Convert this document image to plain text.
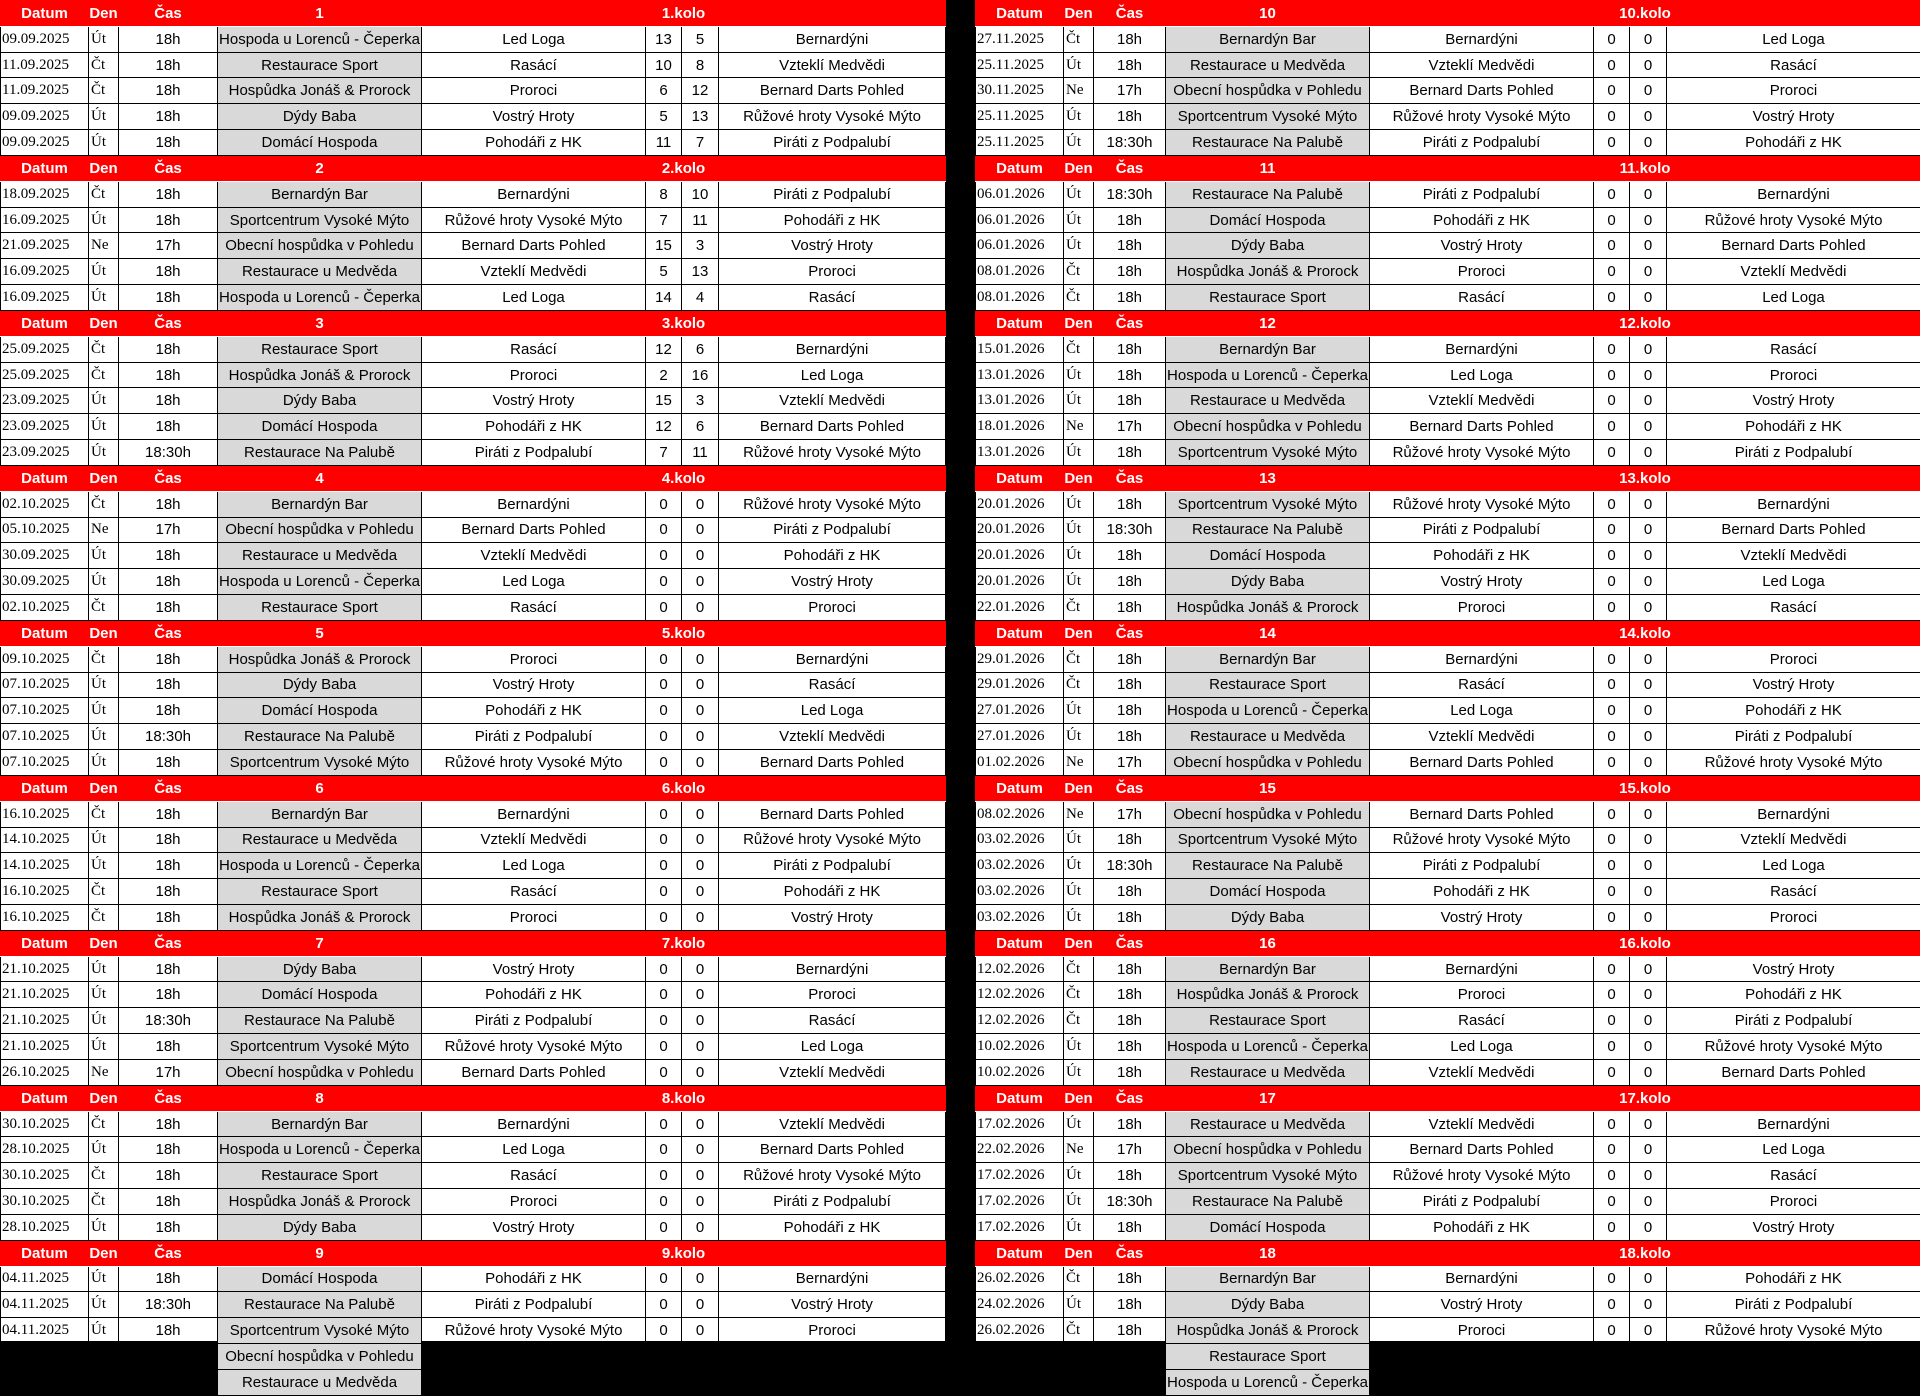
Datum	Den	Čas	1	1.kolo			
09.09.2025	Út	18h	Hospoda u Lorenců - Čeperka	Led Loga	13	5	Bernardýni
11.09.2025	Čt	18h	Restaurace Sport	Rasácí	10	8	Vzteklí Medvědi
11.09.2025	Čt	18h	Hospůdka Jonáš & Prorock	Proroci	6	12	Bernard Darts Pohled
09.09.2025	Út	18h	Dýdy Baba	Vostrý Hroty	5	13	Růžové hroty Vysoké Mýto
09.09.2025	Út	18h	Domácí Hospoda	Pohodáři z HK	11	7	Piráti z Podpalubí
Datum	Den	Čas	2	2.kolo			
18.09.2025	Čt	18h	Bernardýn Bar	Bernardýni	8	10	Piráti z Podpalubí
16.09.2025	Út	18h	Sportcentrum Vysoké Mýto	Růžové hroty Vysoké Mýto	7	11	Pohodáři z HK
21.09.2025	Ne	17h	Obecní hospůdka v Pohledu	Bernard Darts Pohled	15	3	Vostrý Hroty
16.09.2025	Út	18h	Restaurace u Medvěda	Vzteklí Medvědi	5	13	Proroci
16.09.2025	Út	18h	Hospoda u Lorenců - Čeperka	Led Loga	14	4	Rasácí
Datum	Den	Čas	3	3.kolo			
25.09.2025	Čt	18h	Restaurace Sport	Rasácí	12	6	Bernardýni
25.09.2025	Čt	18h	Hospůdka Jonáš & Prorock	Proroci	2	16	Led Loga
23.09.2025	Út	18h	Dýdy Baba	Vostrý Hroty	15	3	Vzteklí Medvědi
23.09.2025	Út	18h	Domácí Hospoda	Pohodáři z HK	12	6	Bernard Darts Pohled
23.09.2025	Út	18:30h	Restaurace Na Palubě	Piráti z Podpalubí	7	11	Růžové hroty Vysoké Mýto
Datum	Den	Čas	4	4.kolo			
02.10.2025	Čt	18h	Bernardýn Bar	Bernardýni	0	0	Růžové hroty Vysoké Mýto
05.10.2025	Ne	17h	Obecní hospůdka v Pohledu	Bernard Darts Pohled	0	0	Piráti z Podpalubí
30.09.2025	Út	18h	Restaurace u Medvěda	Vzteklí Medvědi	0	0	Pohodáři z HK
30.09.2025	Út	18h	Hospoda u Lorenců - Čeperka	Led Loga	0	0	Vostrý Hroty
02.10.2025	Čt	18h	Restaurace Sport	Rasácí	0	0	Proroci
Datum	Den	Čas	5	5.kolo			
09.10.2025	Čt	18h	Hospůdka Jonáš & Prorock	Proroci	0	0	Bernardýni
07.10.2025	Út	18h	Dýdy Baba	Vostrý Hroty	0	0	Rasácí
07.10.2025	Út	18h	Domácí Hospoda	Pohodáři z HK	0	0	Led Loga
07.10.2025	Út	18:30h	Restaurace Na Palubě	Piráti z Podpalubí	0	0	Vzteklí Medvědi
07.10.2025	Út	18h	Sportcentrum Vysoké Mýto	Růžové hroty Vysoké Mýto	0	0	Bernard Darts Pohled
Datum	Den	Čas	6	6.kolo			
16.10.2025	Čt	18h	Bernardýn Bar	Bernardýni	0	0	Bernard Darts Pohled
14.10.2025	Út	18h	Restaurace u Medvěda	Vzteklí Medvědi	0	0	Růžové hroty Vysoké Mýto
14.10.2025	Út	18h	Hospoda u Lorenců - Čeperka	Led Loga	0	0	Piráti z Podpalubí
16.10.2025	Čt	18h	Restaurace Sport	Rasácí	0	0	Pohodáři z HK
16.10.2025	Čt	18h	Hospůdka Jonáš & Prorock	Proroci	0	0	Vostrý Hroty
Datum	Den	Čas	7	7.kolo			
21.10.2025	Út	18h	Dýdy Baba	Vostrý Hroty	0	0	Bernardýni
21.10.2025	Út	18h	Domácí Hospoda	Pohodáři z HK	0	0	Proroci
21.10.2025	Út	18:30h	Restaurace Na Palubě	Piráti z Podpalubí	0	0	Rasácí
21.10.2025	Út	18h	Sportcentrum Vysoké Mýto	Růžové hroty Vysoké Mýto	0	0	Led Loga
26.10.2025	Ne	17h	Obecní hospůdka v Pohledu	Bernard Darts Pohled	0	0	Vzteklí Medvědi
Datum	Den	Čas	8	8.kolo			
30.10.2025	Čt	18h	Bernardýn Bar	Bernardýni	0	0	Vzteklí Medvědi
28.10.2025	Út	18h	Hospoda u Lorenců - Čeperka	Led Loga	0	0	Bernard Darts Pohled
30.10.2025	Čt	18h	Restaurace Sport	Rasácí	0	0	Růžové hroty Vysoké Mýto
30.10.2025	Čt	18h	Hospůdka Jonáš & Prorock	Proroci	0	0	Piráti z Podpalubí
28.10.2025	Út	18h	Dýdy Baba	Vostrý Hroty	0	0	Pohodáři z HK
Datum	Den	Čas	9	9.kolo			
04.11.2025	Út	18h	Domácí Hospoda	Pohodáři z HK	0	0	Bernardýni
04.11.2025	Út	18:30h	Restaurace Na Palubě	Piráti z Podpalubí	0	0	Vostrý Hroty
04.11.2025	Út	18h	Sportcentrum Vysoké Mýto	Růžové hroty Vysoké Mýto	0	0	Proroci
09.11.2025	Ne	17h	Obecní hospůdka v Pohledu	Bernard Darts Pohled	0	0	Rasácí
04.11.2025	Út	18h	Restaurace u Medvěda	Vzteklí Medvědi	0	0	Led Loga
Datum	Den	Čas	10	10.kolo			
27.11.2025	Čt	18h	Bernardýn Bar	Bernardýni	0	0	Led Loga
25.11.2025	Út	18h	Restaurace u Medvěda	Vzteklí Medvědi	0	0	Rasácí
30.11.2025	Ne	17h	Obecní hospůdka v Pohledu	Bernard Darts Pohled	0	0	Proroci
25.11.2025	Út	18h	Sportcentrum Vysoké Mýto	Růžové hroty Vysoké Mýto	0	0	Vostrý Hroty
25.11.2025	Út	18:30h	Restaurace Na Palubě	Piráti z Podpalubí	0	0	Pohodáři z HK
Datum	Den	Čas	11	11.kolo			
06.01.2026	Út	18:30h	Restaurace Na Palubě	Piráti z Podpalubí	0	0	Bernardýni
06.01.2026	Út	18h	Domácí Hospoda	Pohodáři z HK	0	0	Růžové hroty Vysoké Mýto
06.01.2026	Út	18h	Dýdy Baba	Vostrý Hroty	0	0	Bernard Darts Pohled
08.01.2026	Čt	18h	Hospůdka Jonáš & Prorock	Proroci	0	0	Vzteklí Medvědi
08.01.2026	Čt	18h	Restaurace Sport	Rasácí	0	0	Led Loga
Datum	Den	Čas	12	12.kolo			
15.01.2026	Čt	18h	Bernardýn Bar	Bernardýni	0	0	Rasácí
13.01.2026	Út	18h	Hospoda u Lorenců - Čeperka	Led Loga	0	0	Proroci
13.01.2026	Út	18h	Restaurace u Medvěda	Vzteklí Medvědi	0	0	Vostrý Hroty
18.01.2026	Ne	17h	Obecní hospůdka v Pohledu	Bernard Darts Pohled	0	0	Pohodáři z HK
13.01.2026	Út	18h	Sportcentrum Vysoké Mýto	Růžové hroty Vysoké Mýto	0	0	Piráti z Podpalubí
Datum	Den	Čas	13	13.kolo			
20.01.2026	Út	18h	Sportcentrum Vysoké Mýto	Růžové hroty Vysoké Mýto	0	0	Bernardýni
20.01.2026	Út	18:30h	Restaurace Na Palubě	Piráti z Podpalubí	0	0	Bernard Darts Pohled
20.01.2026	Út	18h	Domácí Hospoda	Pohodáři z HK	0	0	Vzteklí Medvědi
20.01.2026	Út	18h	Dýdy Baba	Vostrý Hroty	0	0	Led Loga
22.01.2026	Čt	18h	Hospůdka Jonáš & Prorock	Proroci	0	0	Rasácí
Datum	Den	Čas	14	14.kolo			
29.01.2026	Čt	18h	Bernardýn Bar	Bernardýni	0	0	Proroci
29.01.2026	Čt	18h	Restaurace Sport	Rasácí	0	0	Vostrý Hroty
27.01.2026	Út	18h	Hospoda u Lorenců - Čeperka	Led Loga	0	0	Pohodáři z HK
27.01.2026	Út	18h	Restaurace u Medvěda	Vzteklí Medvědi	0	0	Piráti z Podpalubí
01.02.2026	Ne	17h	Obecní hospůdka v Pohledu	Bernard Darts Pohled	0	0	Růžové hroty Vysoké Mýto
Datum	Den	Čas	15	15.kolo			
08.02.2026	Ne	17h	Obecní hospůdka v Pohledu	Bernard Darts Pohled	0	0	Bernardýni
03.02.2026	Út	18h	Sportcentrum Vysoké Mýto	Růžové hroty Vysoké Mýto	0	0	Vzteklí Medvědi
03.02.2026	Út	18:30h	Restaurace Na Palubě	Piráti z Podpalubí	0	0	Led Loga
03.02.2026	Út	18h	Domácí Hospoda	Pohodáři z HK	0	0	Rasácí
03.02.2026	Út	18h	Dýdy Baba	Vostrý Hroty	0	0	Proroci
Datum	Den	Čas	16	16.kolo			
12.02.2026	Čt	18h	Bernardýn Bar	Bernardýni	0	0	Vostrý Hroty
12.02.2026	Čt	18h	Hospůdka Jonáš & Prorock	Proroci	0	0	Pohodáři z HK
12.02.2026	Čt	18h	Restaurace Sport	Rasácí	0	0	Piráti z Podpalubí
10.02.2026	Út	18h	Hospoda u Lorenců - Čeperka	Led Loga	0	0	Růžové hroty Vysoké Mýto
10.02.2026	Út	18h	Restaurace u Medvěda	Vzteklí Medvědi	0	0	Bernard Darts Pohled
Datum	Den	Čas	17	17.kolo			
17.02.2026	Út	18h	Restaurace u Medvěda	Vzteklí Medvědi	0	0	Bernardýni
22.02.2026	Ne	17h	Obecní hospůdka v Pohledu	Bernard Darts Pohled	0	0	Led Loga
17.02.2026	Út	18h	Sportcentrum Vysoké Mýto	Růžové hroty Vysoké Mýto	0	0	Rasácí
17.02.2026	Út	18:30h	Restaurace Na Palubě	Piráti z Podpalubí	0	0	Proroci
17.02.2026	Út	18h	Domácí Hospoda	Pohodáři z HK	0	0	Vostrý Hroty
Datum	Den	Čas	18	18.kolo			
26.02.2026	Čt	18h	Bernardýn Bar	Bernardýni	0	0	Pohodáři z HK
24.02.2026	Út	18h	Dýdy Baba	Vostrý Hroty	0	0	Piráti z Podpalubí
26.02.2026	Čt	18h	Hospůdka Jonáš & Prorock	Proroci	0	0	Růžové hroty Vysoké Mýto
26.02.2026	Čt	18h	Restaurace Sport	Rasácí	0	0	Bernard Darts Pohled
24.02.2026	Út	18h	Hospoda u Lorenců - Čeperka	Led Loga	0	0	Vzteklí Medvědi
